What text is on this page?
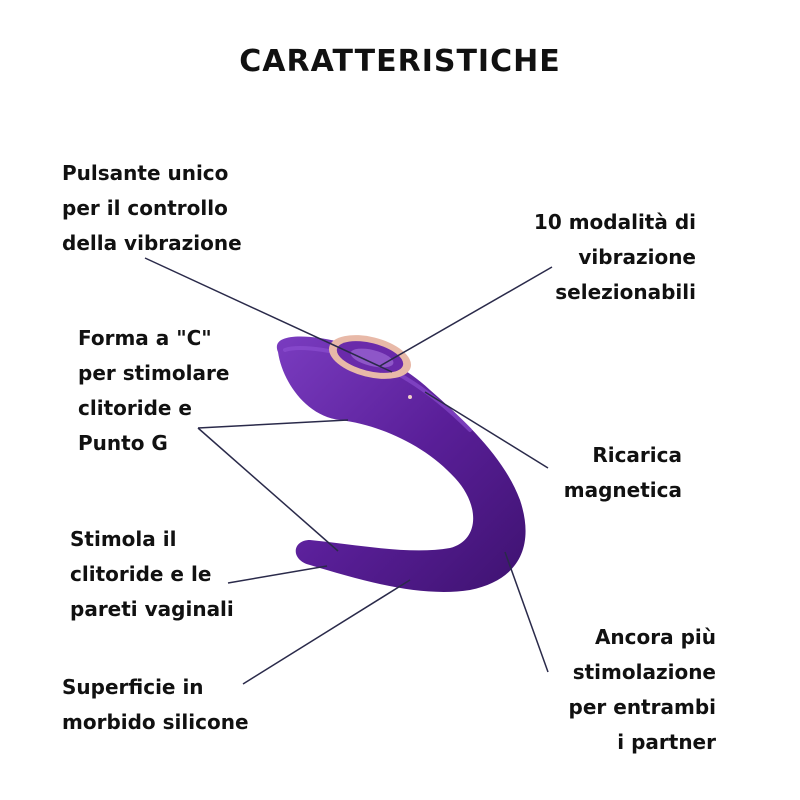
CARATTERISTICHE
Pulsante unico
per il controllo
della vibrazione
10 modalità di
vibrazione
selezionabili
Forma a "C"
per stimolare
clitoride e
Punto G	Ricarica
magnetica
Stimola il
clitoride e le
pareti vaginali
Ancora più
stimolazione
per entrambi
i partner
Superficie in
morbido silicone
